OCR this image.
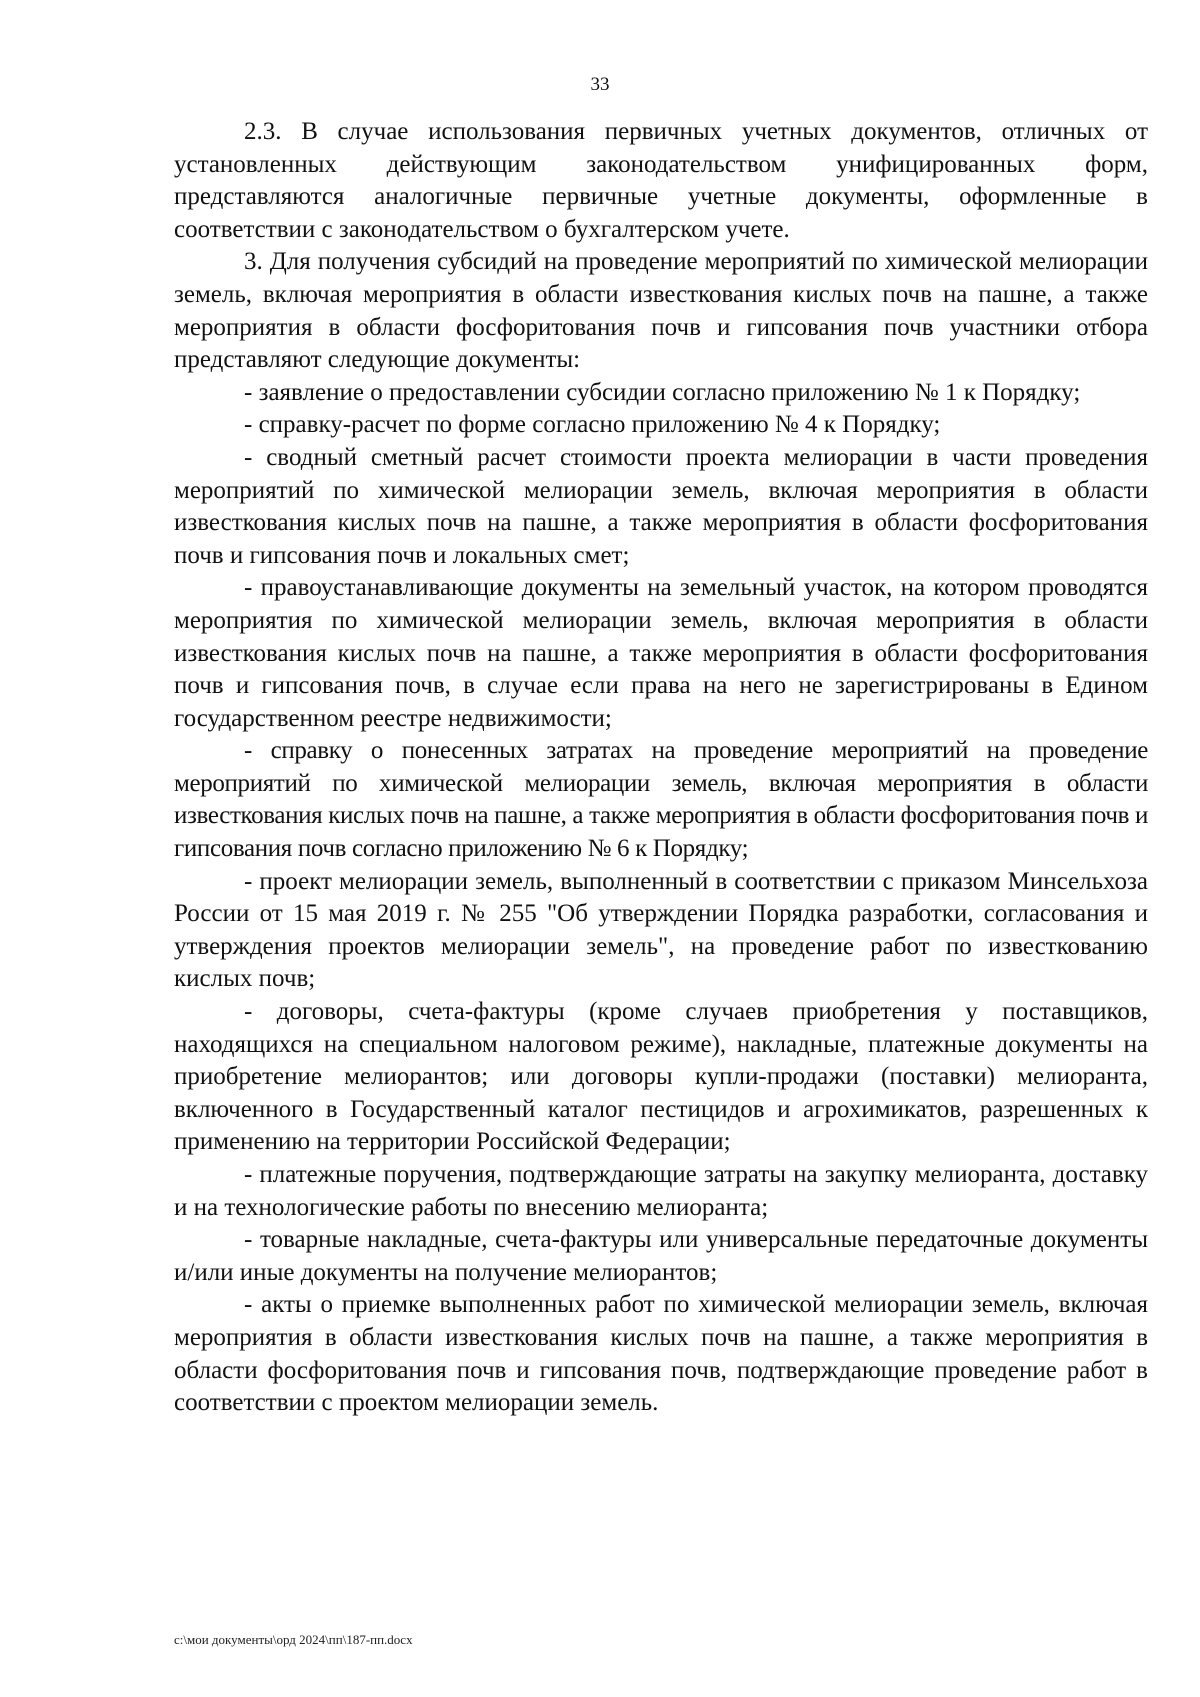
33

2.3. В случае использования первичных учетных документов, отличных от установленных действующим законодательством унифицированных форм, представляются аналогичные первичные учетные документы, оформленные в соответствии с законодательством о бухгалтерском учете.

3. Для получения субсидий на проведение мероприятий по химической мелиорации земель, включая мероприятия в области известкования кислых почв на пашне, а также мероприятия в области фосфоритования почв и гипсования почв участники отбора представляют следующие документы:

- заявление о предоставлении субсидии согласно приложению № 1 к Порядку;

- справку-расчет по форме согласно приложению № 4 к Порядку;

- сводный сметный расчет стоимости проекта мелиорации в части проведения мероприятий по химической мелиорации земель, включая мероприятия в области известкования кислых почв на пашне, а также мероприятия в области фосфоритования почв и гипсования почв и локальных смет;

- правоустанавливающие документы на земельный участок, на котором проводятся мероприятия по химической мелиорации земель, включая мероприятия в области известкования кислых почв на пашне, а также мероприятия в области фосфоритования почв и гипсования почв, в случае если права на него не зарегистрированы в Едином государственном реестре недвижимости;

- справку о понесенных затратах на проведение мероприятий на проведение мероприятий по химической мелиорации земель, включая мероприятия в области известкования кислых почв на пашне, а также мероприятия в области фосфоритования почв и гипсования почв согласно приложению № 6 к Порядку;

- проект мелиорации земель, выполненный в соответствии с приказом Минсельхоза России от 15 мая 2019 г. № 255 "Об утверждении Порядка разработки, согласования и утверждения проектов мелиорации земель", на проведение работ по известкованию кислых почв;

- договоры, счета-фактуры (кроме случаев приобретения у поставщиков, находящихся на специальном налоговом режиме), накладные, платежные документы на приобретение мелиорантов; или договоры купли-продажи (поставки) мелиоранта, включенного в Государственный каталог пестицидов и агрохимикатов, разрешенных к применению на территории Российской Федерации;

- платежные поручения, подтверждающие затраты на закупку мелиоранта, доставку и на технологические работы по внесению мелиоранта;

- товарные накладные, счета-фактуры или универсальные передаточные документы и/или иные документы на получение мелиорантов;

- акты о приемке выполненных работ по химической мелиорации земель, включая мероприятия в области известкования кислых почв на пашне, а также мероприятия в области фосфоритования почв и гипсования почв, подтверждающие проведение работ в соответствии с проектом мелиорации земель.

c:\мои документы\орд 2024\пп\187-пп.docx
